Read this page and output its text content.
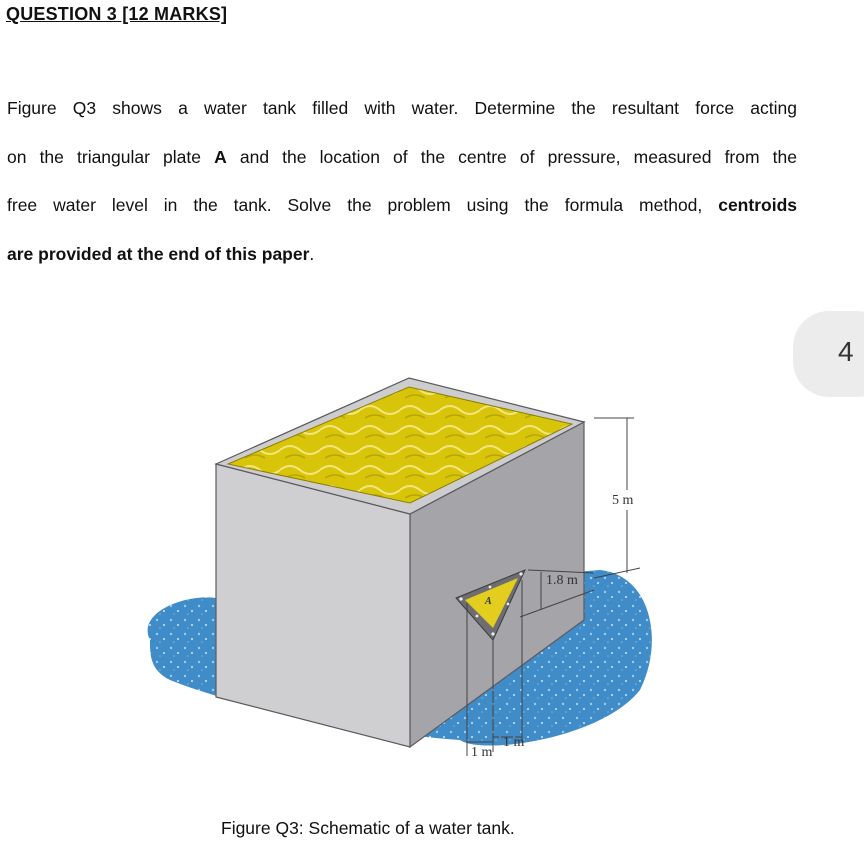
QUESTION 3 [12 MARKS]

Figure Q3 shows a water tank filled with water. Determine the resultant force acting
on the triangular plate A and the location of the centre of pressure, measured from the
free water level in the tank. Solve the problem using the formula method, centroids
are provided at the end of this paper.

4

A
5 m
1.8 m
1 m
1 m

Figure Q3: Schematic of a water tank.
